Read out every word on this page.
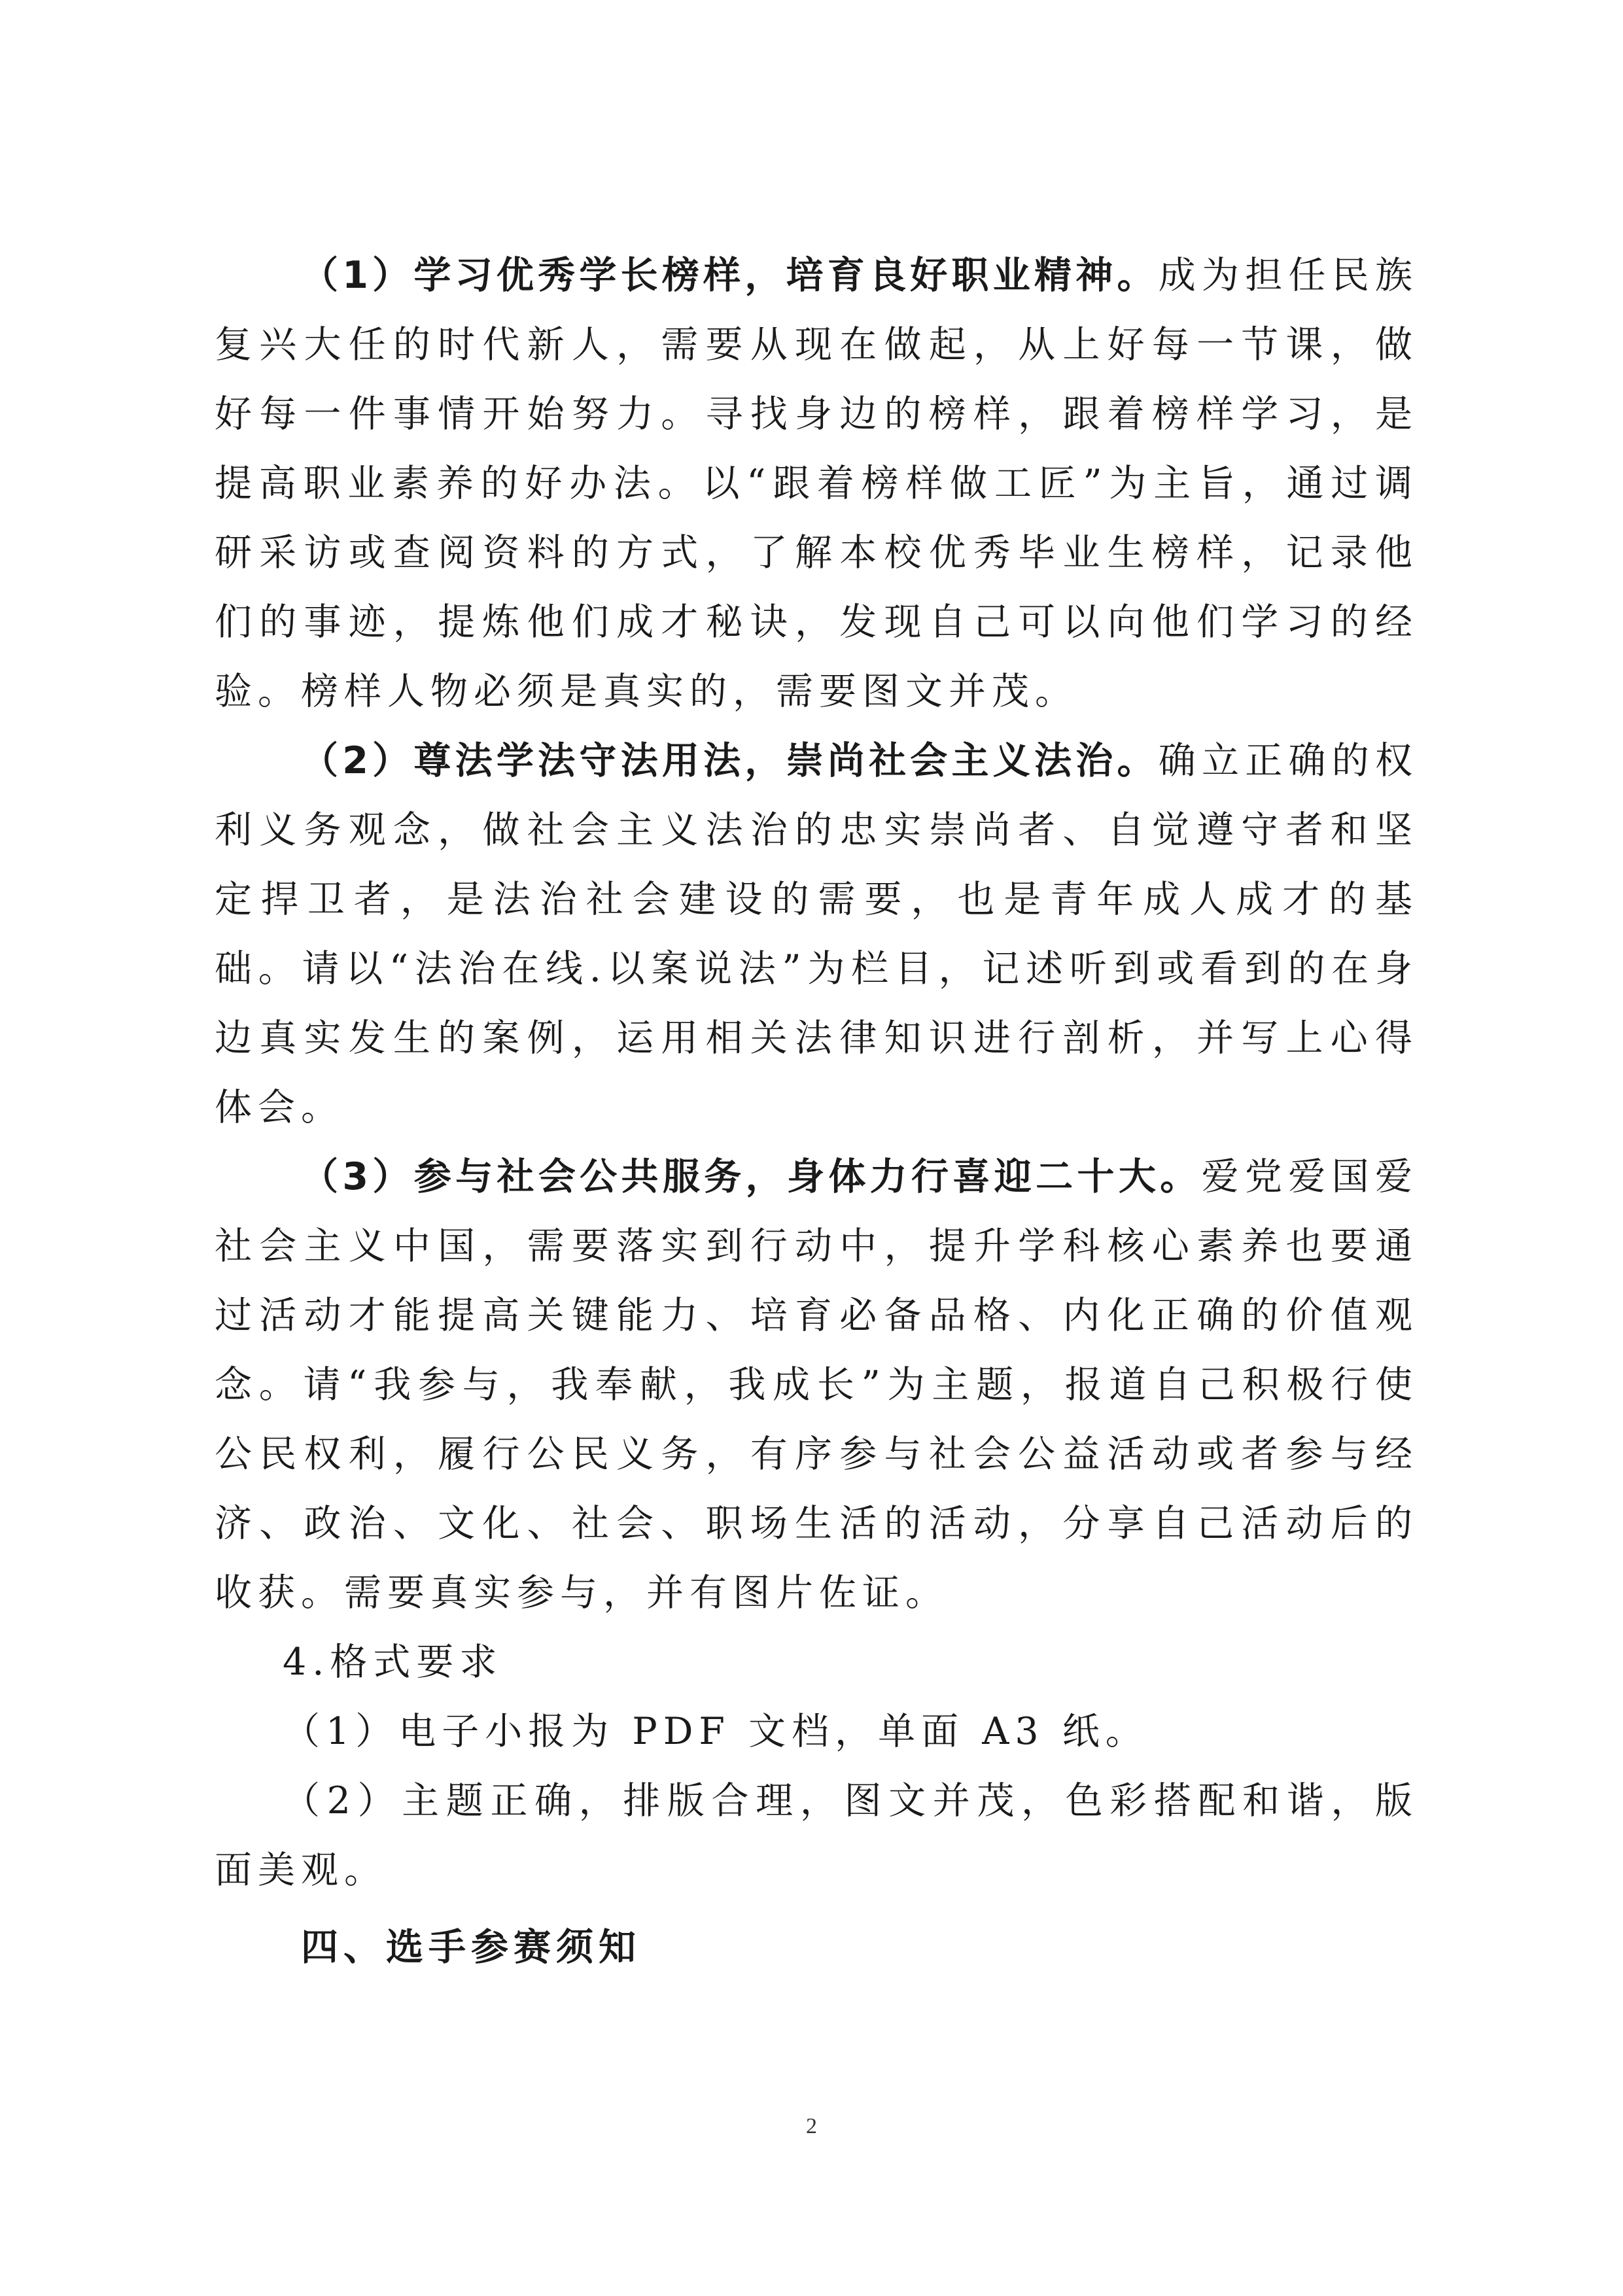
（1）学习优秀学长榜样，培育良好职业精神。成为担任民族复兴大任的时代新人，需要从现在做起，从上好每一节课，做好每一件事情开始努力。寻找身边的榜样，跟着榜样学习，是提高职业素养的好办法。以“跟着榜样做工匠”为主旨，通过调研采访或查阅资料的方式，了解本校优秀毕业生榜样，记录他们的事迹，提炼他们成才秘诀，发现自己可以向他们学习的经验。榜样人物必须是真实的，需要图文并茂。

（2）尊法学法守法用法，崇尚社会主义法治。确立正确的权利义务观念，做社会主义法治的忠实崇尚者、自觉遵守者和坚定捍卫者，是法治社会建设的需要，也是青年成人成才的基础。请以“法治在线.以案说法”为栏目，记述听到或看到的在身边真实发生的案例，运用相关法律知识进行剖析，并写上心得体会。

（3）参与社会公共服务，身体力行喜迎二十大。爱党爱国爱社会主义中国，需要落实到行动中，提升学科核心素养也要通过活动才能提高关键能力、培育必备品格、内化正确的价值观念。请“我参与，我奉献，我成长”为主题，报道自己积极行使公民权利，履行公民义务，有序参与社会公益活动或者参与经济、政治、文化、社会、职场生活的活动，分享自己活动后的收获。需要真实参与，并有图片佐证。

4.格式要求

（1）电子小报为 PDF 文档，单面 A3 纸。

（2）主题正确，排版合理，图文并茂，色彩搭配和谐，版面美观。

四、选手参赛须知

2
